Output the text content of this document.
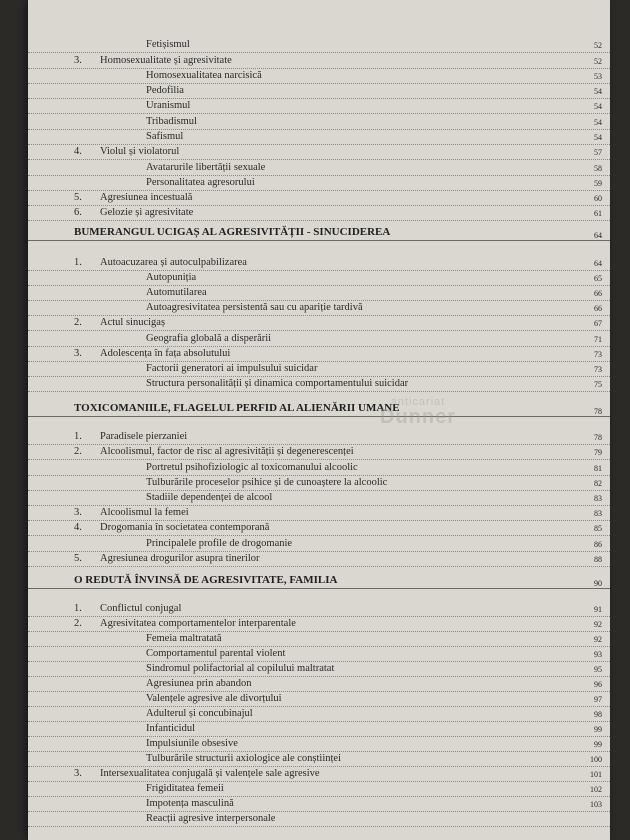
Fetișismul	52
3. Homosexualitate și agresivitate	52
Homosexualitatea narcisică	53
Pedofilia	54
Uranismul	54
Tribadismul	54
Safismul	54
4. Violul și violatorul	57
Avatarurile libertății sexuale	58
Personalitatea agresorului	59
5. Agresiunea incestuală	60
6. Gelozie și agresivitate	61
BUMERANGUL UCIGAȘ AL AGRESIVITĂȚII - SINUCIDEREA	64
1. Autoacuzarea și autoculpabilizarea	64
Autopuniția	65
Automutilarea	66
Autoagresivitatea persistentă sau cu apariție tardivă	66
2. Actul sinucigaș	67
Geografia globală a disperării	71
3. Adolescența în fața absolutului	73
Factorii generatori ai impulsului suicidar	73
Structura personalității și dinamica comportamentului suicidar	75
TOXICOMANIILE, FLAGELUL PERFID AL ALIENĂRII UMANE	78
1. Paradisele pierzaniei	78
2. Alcoolismul, factor de risc al agresivității și degenerescenței	79
Portretul psihofiziologic al toxicomanului alcoolic	81
Tulburările proceselor psihice și de cunoaștere la alcoolic	82
Stadiile dependenței de alcool	83
3. Alcoolismul la femei	83
4. Drogomania în societatea contemporană	85
Principalele profile de drogomanie	86
5. Agresiunea drogurilor asupra tinerilor	88
O REDUTĂ ÎNVINSĂ DE AGRESIVITATE, FAMILIA	90
1. Conflictul conjugal	91
2. Agresivitatea comportamentelor interparentale	92
Femeia maltratată	92
Comportamentul parental violent	93
Sindromul polifactorial al copilului maltratat	95
Agresiunea prin abandon	96
Valențele agresive ale divorțului	97
Adulterul și concubinajul	98
Infanticidul	99
Impulsiunile obsesive	99
Tulburările structurii axiologice ale conștiinței	100
3. Intersexualitatea conjugală și valențele sale agresive	101
Frigiditatea femeii	102
Impotența masculină	103
Reacții agresive interpersonale
anticariat
Dunner
